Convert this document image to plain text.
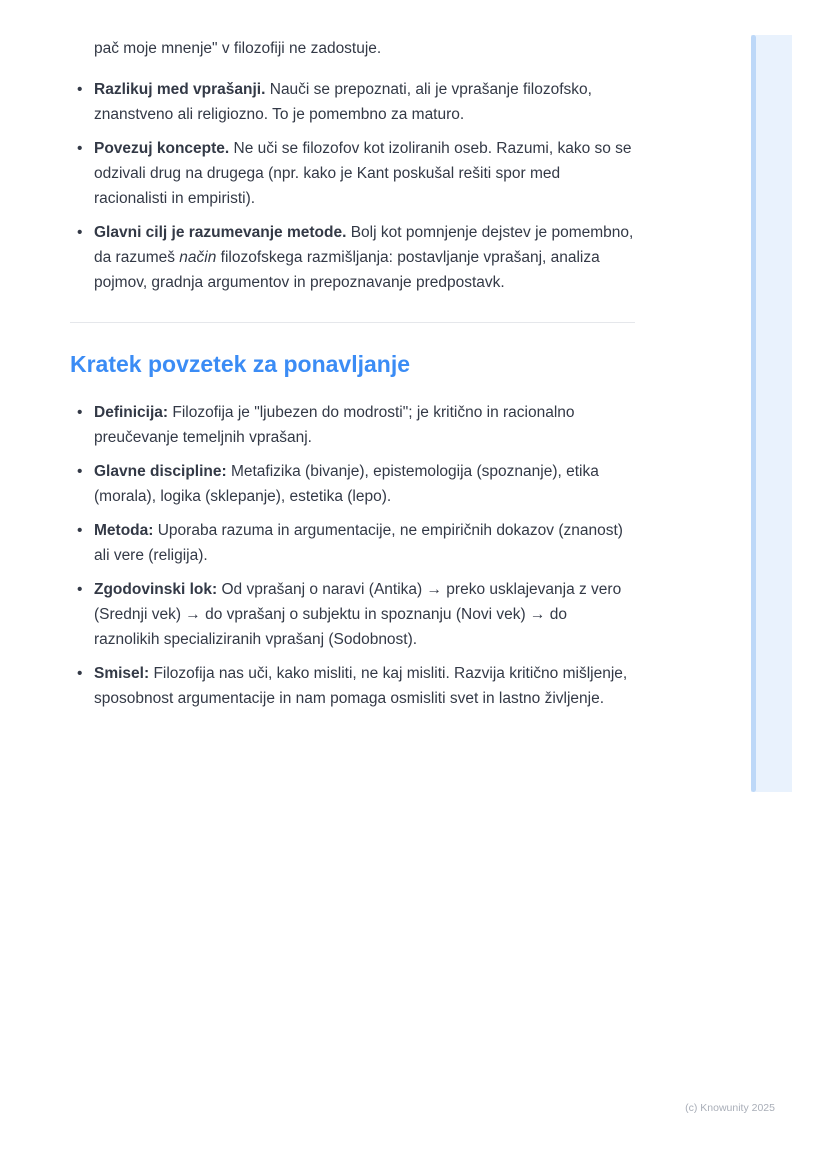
pač moje mnenje" v filozofiji ne zadostuje.

• Razlikuj med vprašanji. Nauči se prepoznati, ali je vprašanje filozofsko, znanstveno ali religiozno. To je pomembno za maturo.
• Povezuj koncepte. Ne uči se filozofov kot izoliranih oseb. Razumi, kako so se odzivali drug na drugega (npr. kako je Kant poskušal rešiti spor med racionalisti in empiristi).
• Glavni cilj je razumevanje metode. Bolj kot pomnjenje dejstev je pomembno, da razumeš način filozofskega razmišljanja: postavljanje vprašanj, analiza pojmov, gradnja argumentov in prepoznavanje predpostavk.
Kratek povzetek za ponavljanje
• Definicija: Filozofija je "ljubezen do modrosti"; je kritično in racionalno preučevanje temeljnih vprašanj.
• Glavne discipline: Metafizika (bivanje), epistemologija (spoznanje), etika (morala), logika (sklepanje), estetika (lepo).
• Metoda: Uporaba razuma in argumentacije, ne empiričnih dokazov (znanost) ali vere (religija).
• Zgodovinski lok: Od vprašanj o naravi (Antika) → preko usklajevanja z vero (Srednji vek) → do vprašanj o subjektu in spoznanju (Novi vek) → do raznolikih specializiranih vprašanj (Sodobnost).
• Smisel: Filozofija nas uči, kako misliti, ne kaj misliti. Razvija kritično mišljenje, sposobnost argumentacije in nam pomaga osmisliti svet in lastno življenje.
(c) Knowunity 2025
